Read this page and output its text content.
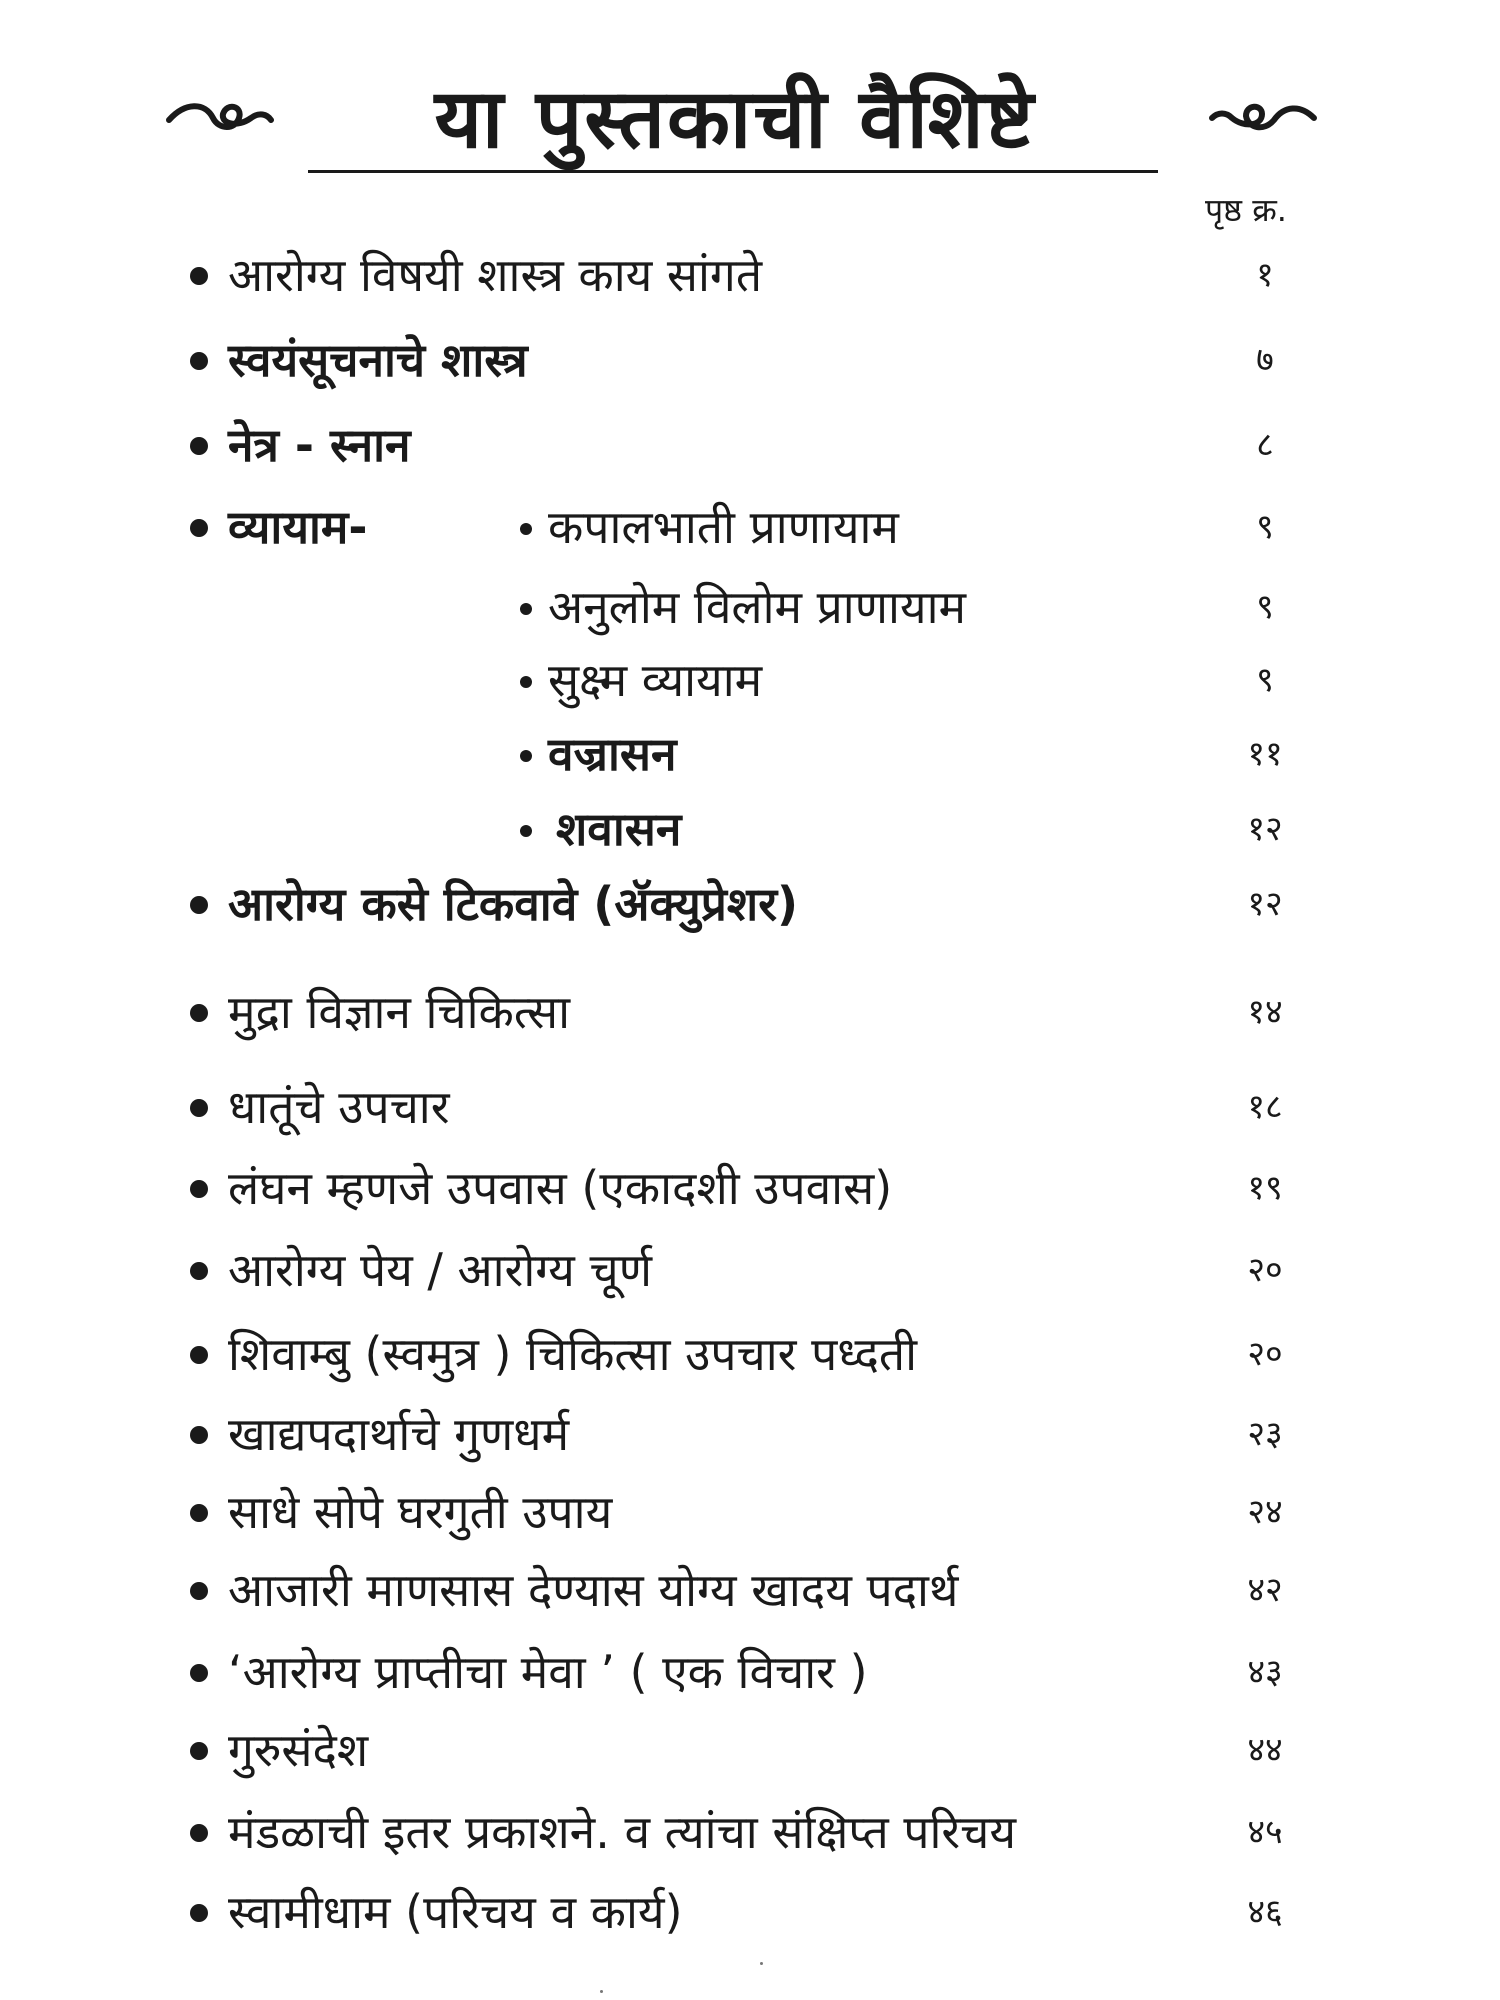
या पुस्तकाची वैशिष्टे
पृष्ठ क्र.
आरोग्य विषयी शास्त्र काय सांगते	१
स्वयंसूचनाचे शास्त्र	७
नेत्र - स्नान	८
व्यायाम-	कपालभाती प्राणायाम	९
अनुलोम विलोम प्राणायाम	९
सुक्ष्म व्यायाम	९
वज्रासन	११
शवासन	१२
आरोग्य कसे टिकवावे (ॲक्युप्रेशर)	१२
मुद्रा विज्ञान चिकित्सा	१४
धातूंचे उपचार	१८
लंघन म्हणजे उपवास (एकादशी उपवास)	१९
आरोग्य पेय / आरोग्य चूर्ण	२०
शिवाम्बु (स्वमुत्र ) चिकित्सा उपचार पध्दती	२०
खाद्यपदार्थाचे गुणधर्म	२३
साधे सोपे घरगुती उपाय	२४
आजारी माणसास देण्यास योग्य खादय पदार्थ	४२
‘आरोग्य प्राप्तीचा मेवा ’ ( एक विचार )	४३
गुरुसंदेश	४४
मंडळाची इतर प्रकाशने. व त्यांचा संक्षिप्त परिचय	४५
स्वामीधाम (परिचय व कार्य)	४६
